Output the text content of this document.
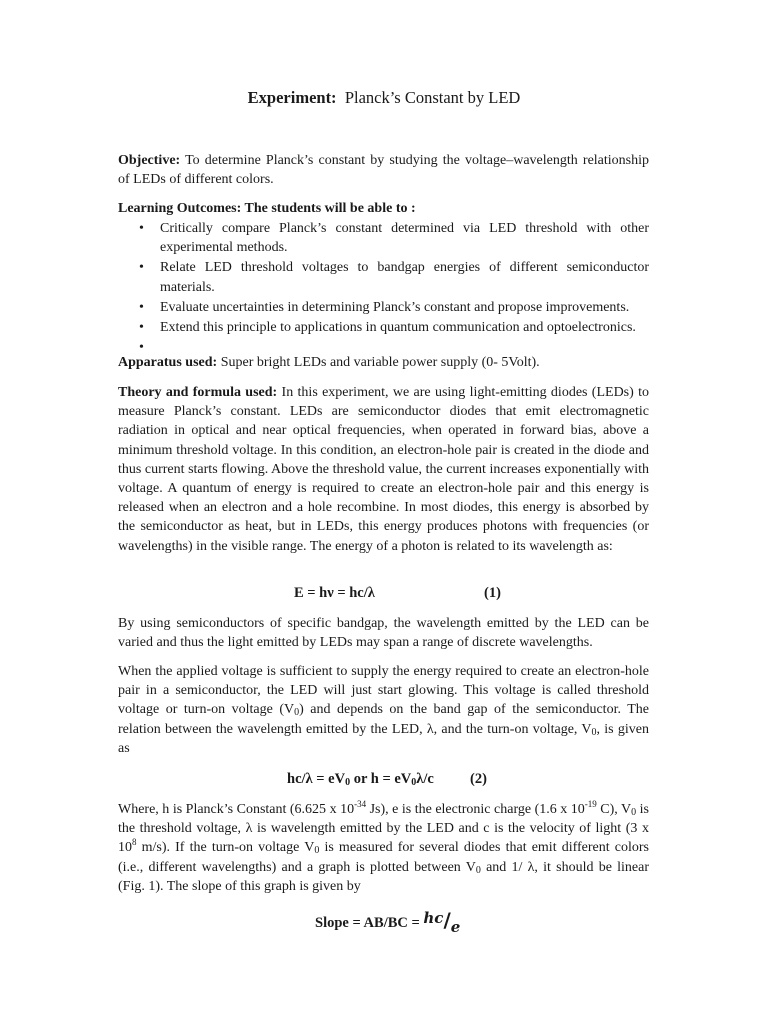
Experiment: Planck’s Constant by LED
Objective: To determine Planck’s constant by studying the voltage–wavelength relationship of LEDs of different colors.
Learning Outcomes: The students will be able to :
• Critically compare Planck’s constant determined via LED threshold with other experimental methods.
• Relate LED threshold voltages to bandgap energies of different semiconductor materials.
• Evaluate uncertainties in determining Planck’s constant and propose improvements.
• Extend this principle to applications in quantum communication and optoelectronics.
•
Apparatus used: Super bright LEDs and variable power supply (0- 5Volt).
Theory and formula used: In this experiment, we are using light-emitting diodes (LEDs) to measure Planck’s constant. LEDs are semiconductor diodes that emit electromagnetic radiation in optical and near optical frequencies, when operated in forward bias, above a minimum threshold voltage. In this condition, an electron-hole pair is created in the diode and thus current starts flowing. Above the threshold value, the current increases exponentially with voltage. A quantum of energy is required to create an electron-hole pair and this energy is released when an electron and a hole recombine. In most diodes, this energy is absorbed by the semiconductor as heat, but in LEDs, this energy produces photons with frequencies (or wavelengths) in the visible range. The energy of a photon is related to its wavelength as:
E = hν = hc/λ	(1)
By using semiconductors of specific bandgap, the wavelength emitted by the LED can be varied and thus the light emitted by LEDs may span a range of discrete wavelengths.
When the applied voltage is sufficient to supply the energy required to create an electron-hole pair in a semiconductor, the LED will just start glowing. This voltage is called threshold voltage or turn-on voltage $(V_0)$ and depends on the band gap of the semiconductor. The relation between the wavelength emitted by the LED, λ, and the turn-on voltage, $V_0$, is given as
$hc/\lambda = eV_0$ or $h = eV_0\lambda/c$ (2)
Where, h is Planck’s Constant (6.625 x $10^{-34}$ Js), e is the electronic charge (1.6 x $10^{-19}$ C), $V_0$ is the threshold voltage, λ is wavelength emitted by the LED and c is the velocity of light (3 x $10^8$ m/s). If the turn-on voltage $V_0$ is measured for several diodes that emit different colors (i.e., different wavelengths) and a graph is plotted between $V_0$ and 1/ λ, it should be linear (Fig. 1). The slope of this graph is given by
Slope = $AB/BC = ^{hc}/_e$
